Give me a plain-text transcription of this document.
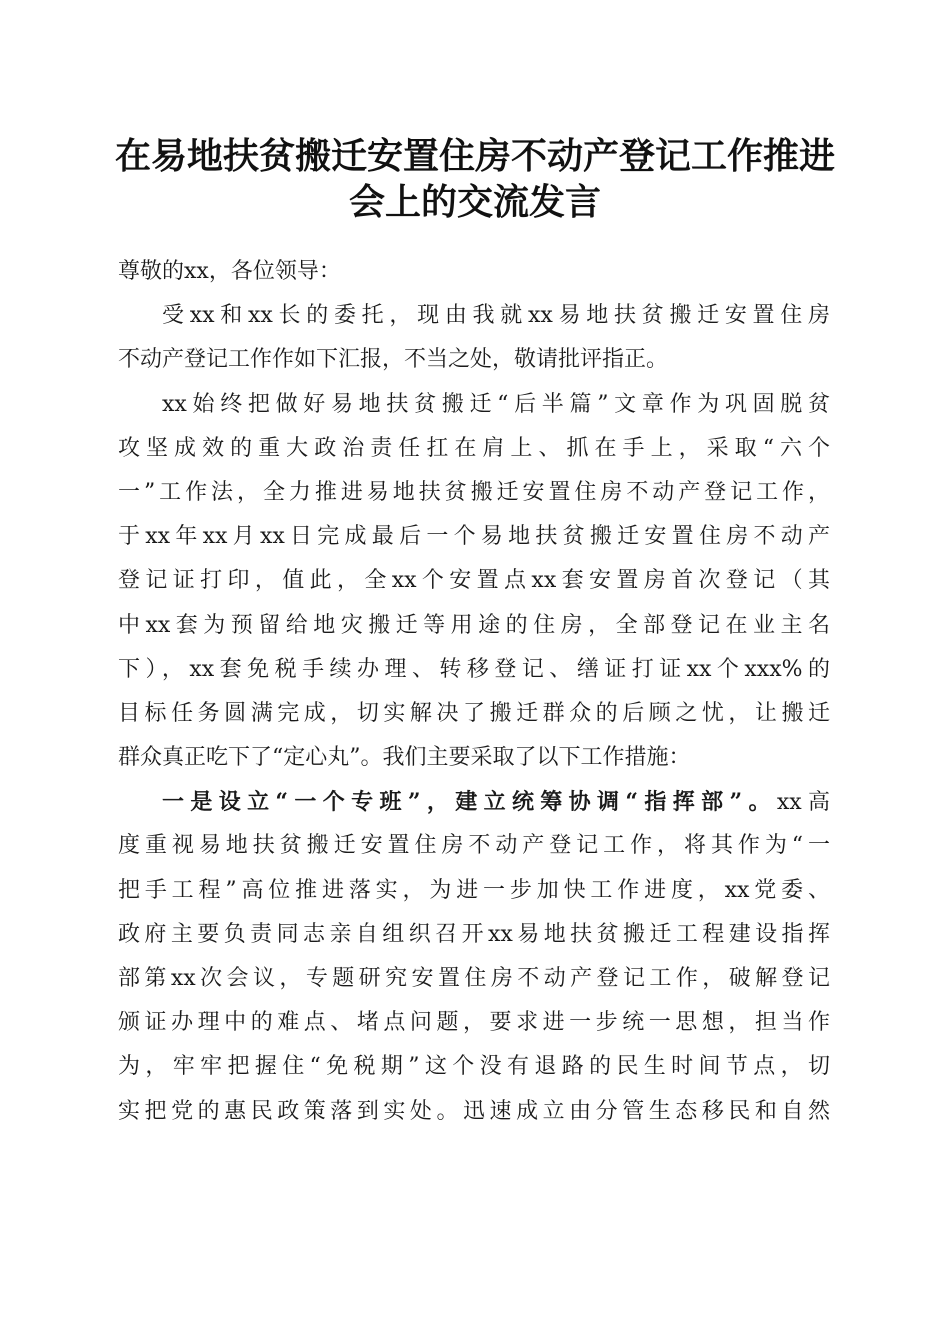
在易地扶贫搬迁安置住房不动产登记工作推进
会上的交流发言
尊敬的xx，各位领导：
受xx和xx长的委托，现由我就xx易地扶贫搬迁安置住房
不动产登记工作作如下汇报，不当之处，敬请批评指正。
xx始终把做好易地扶贫搬迁“后半篇”文章作为巩固脱贫
攻坚成效的重大政治责任扛在肩上、抓在手上，采取“六个
一”工作法，全力推进易地扶贫搬迁安置住房不动产登记工作，
于xx年xx月xx日完成最后一个易地扶贫搬迁安置住房不动产
登记证打印，值此，全xx个安置点xx套安置房首次登记（其
中xx套为预留给地灾搬迁等用途的住房，全部登记在业主名
下），xx套免税手续办理、转移登记、缮证打证xx个xxx%的
目标任务圆满完成，切实解决了搬迁群众的后顾之忧，让搬迁
群众真正吃下了“定心丸”。我们主要采取了以下工作措施：
一是设立“一个专班”，建立统筹协调“指挥部”。xx高
度重视易地扶贫搬迁安置住房不动产登记工作，将其作为“一
把手工程”高位推进落实，为进一步加快工作进度，xx党委、
政府主要负责同志亲自组织召开xx易地扶贫搬迁工程建设指挥
部第xx次会议，专题研究安置住房不动产登记工作，破解登记
颁证办理中的难点、堵点问题，要求进一步统一思想，担当作
为，牢牢把握住“免税期”这个没有退路的民生时间节点，切
实把党的惠民政策落到实处。迅速成立由分管生态移民和自然
